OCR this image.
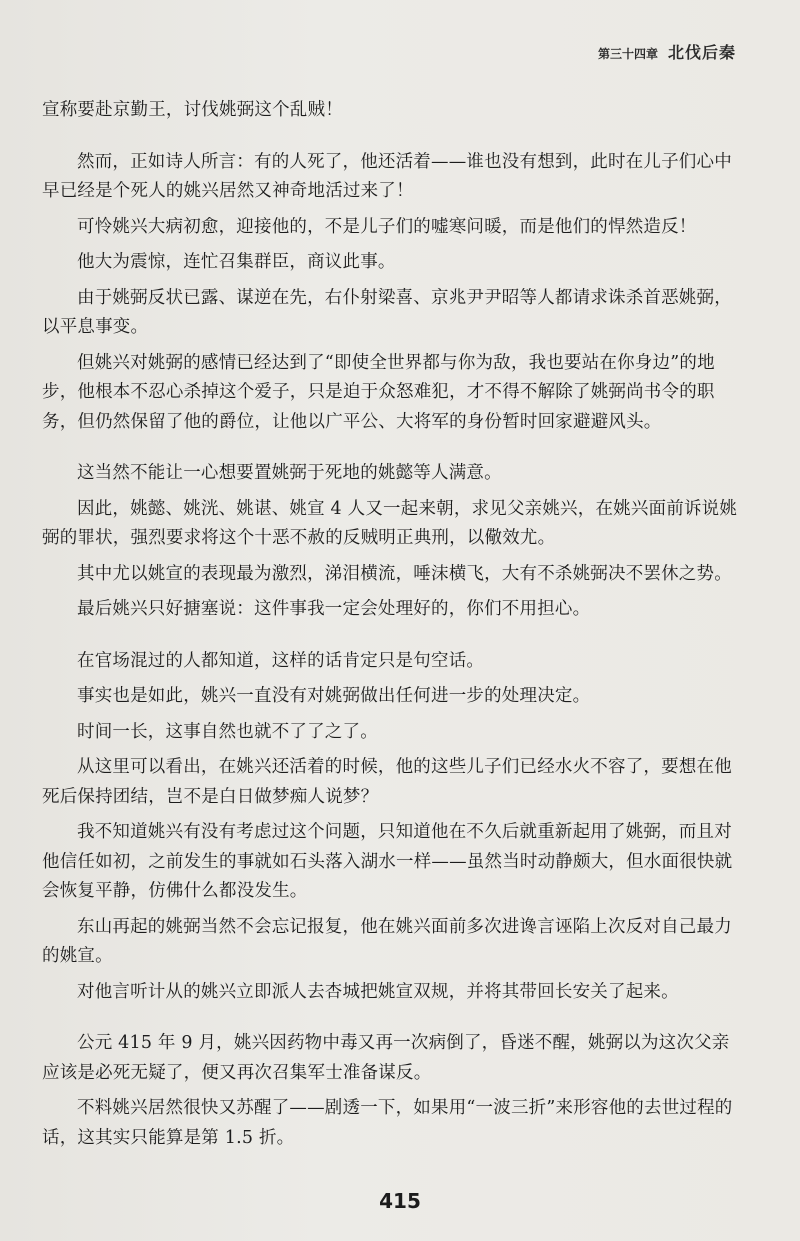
第三十四章 北伐后秦

宣称要赴京勤王，讨伐姚弼这个乱贼！

然而，正如诗人所言：有的人死了，他还活着——谁也没有想到，此时在儿子们心中早已经是个死人的姚兴居然又神奇地活过来了！

可怜姚兴大病初愈，迎接他的，不是儿子们的嘘寒问暖，而是他们的悍然造反！

他大为震惊，连忙召集群臣，商议此事。

由于姚弼反状已露、谋逆在先，右仆射梁喜、京兆尹尹昭等人都请求诛杀首恶姚弼，以平息事变。

但姚兴对姚弼的感情已经达到了“即使全世界都与你为敌，我也要站在你身边”的地步，他根本不忍心杀掉这个爱子，只是迫于众怒难犯，才不得不解除了姚弼尚书令的职务，但仍然保留了他的爵位，让他以广平公、大将军的身份暂时回家避避风头。

这当然不能让一心想要置姚弼于死地的姚懿等人满意。

因此，姚懿、姚洸、姚谌、姚宣 4 人又一起来朝，求见父亲姚兴，在姚兴面前诉说姚弼的罪状，强烈要求将这个十恶不赦的反贼明正典刑，以儆效尤。

其中尤以姚宣的表现最为激烈，涕泪横流，唾沫横飞，大有不杀姚弼决不罢休之势。

最后姚兴只好搪塞说：这件事我一定会处理好的，你们不用担心。

在官场混过的人都知道，这样的话肯定只是句空话。

事实也是如此，姚兴一直没有对姚弼做出任何进一步的处理决定。

时间一长，这事自然也就不了了之了。

从这里可以看出，在姚兴还活着的时候，他的这些儿子们已经水火不容了，要想在他死后保持团结，岂不是白日做梦痴人说梦？

我不知道姚兴有没有考虑过这个问题，只知道他在不久后就重新起用了姚弼，而且对他信任如初，之前发生的事就如石头落入湖水一样——虽然当时动静颇大，但水面很快就会恢复平静，仿佛什么都没发生。

东山再起的姚弼当然不会忘记报复，他在姚兴面前多次进谗言诬陷上次反对自己最力的姚宣。

对他言听计从的姚兴立即派人去杏城把姚宣双规，并将其带回长安关了起来。

公元 415 年 9 月，姚兴因药物中毒又再一次病倒了，昏迷不醒，姚弼以为这次父亲应该是必死无疑了，便又再次召集军士准备谋反。

不料姚兴居然很快又苏醒了——剧透一下，如果用“一波三折”来形容他的去世过程的话，这其实只能算是第 1.5 折。

415
